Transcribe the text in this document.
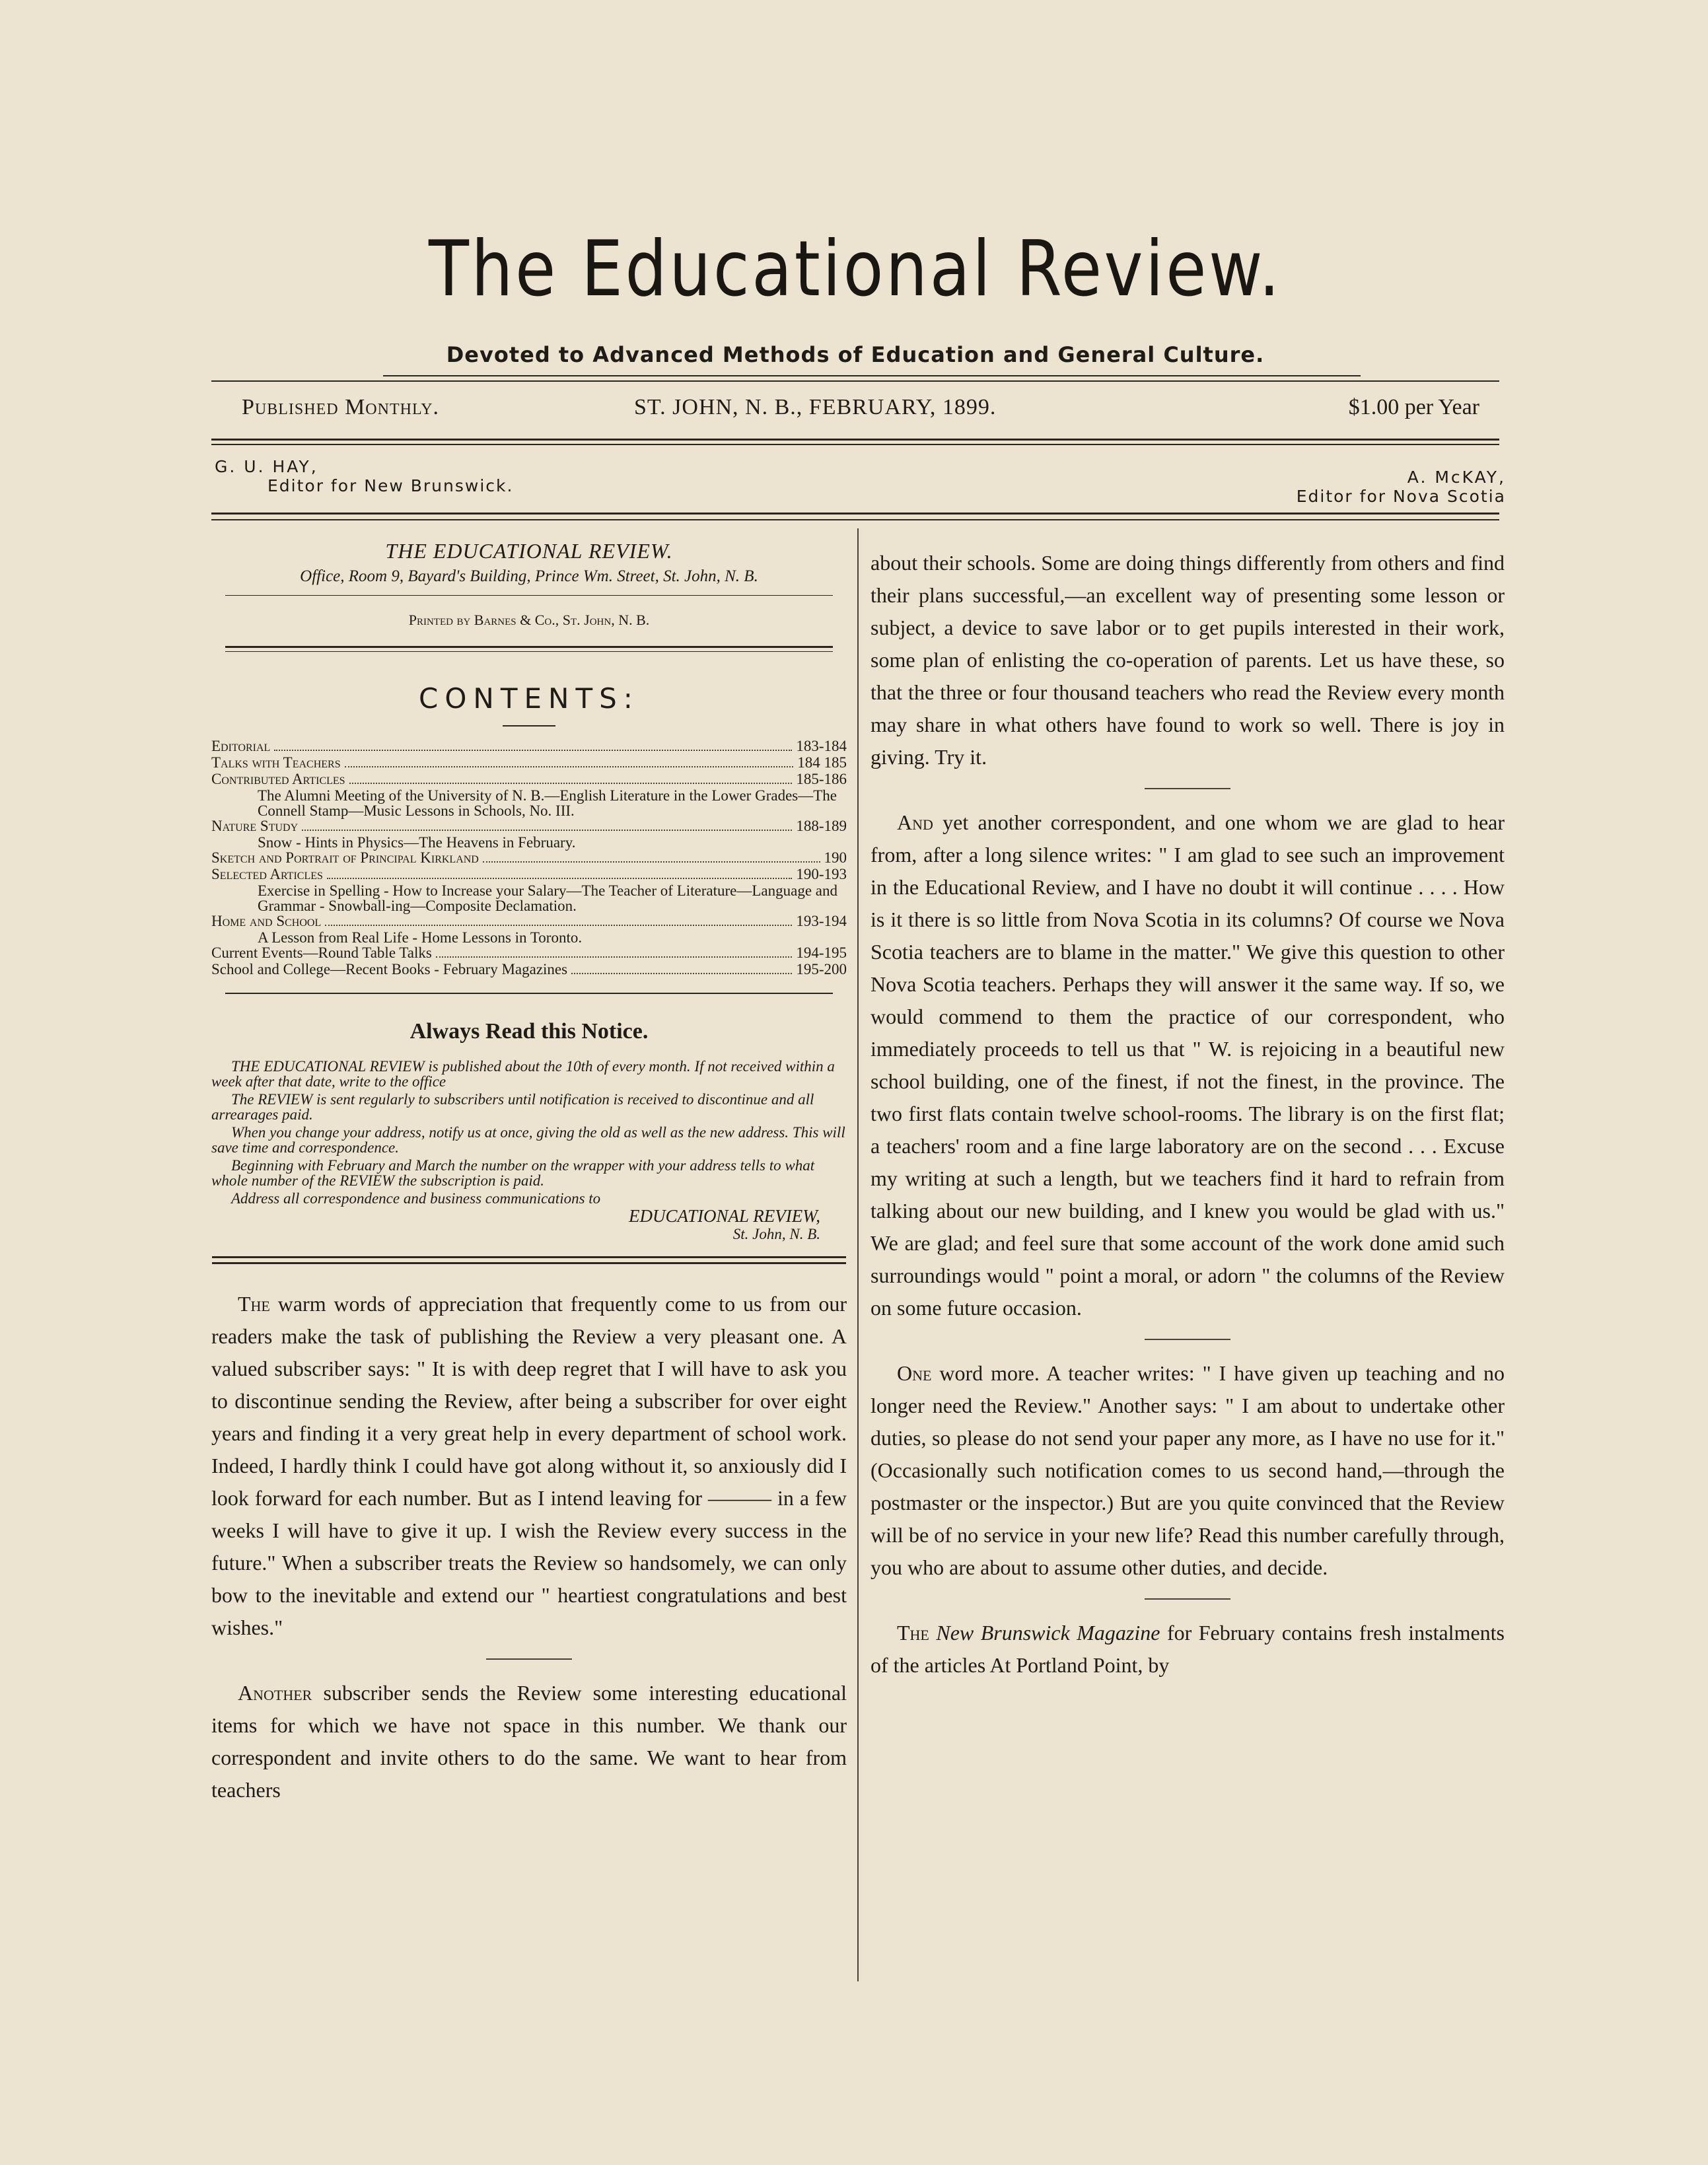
The Educational Review.
Devoted to Advanced Methods of Education and General Culture.
Published Monthly.	ST. JOHN, N. B., FEBRUARY, 1899.	$1.00 per Year
G. U. HAY,
Editor for New Brunswick.	A. McKAY,
Editor for Nova Scotia
THE EDUCATIONAL REVIEW.
Office, Room 9, Bayard's Building, Prince Wm. Street, St. John, N. B.
Printed by Barnes & Co., St. John, N. B.
CONTENTS:
Editorial	183-184
Talks with Teachers	184 185
Contributed Articles	185-186
The Alumni Meeting of the University of N. B.—English Literature in the Lower Grades—The Connell Stamp—Music Lessons in Schools, No. III.
Nature Study	188-189
Snow - Hints in Physics—The Heavens in February.
Sketch and Portrait of Principal Kirkland	190
Selected Articles	190-193
Exercise in Spelling - How to Increase your Salary—The Teacher of Literature—Language and Grammar - Snowball-ing—Composite Declamation.
Home and School	193-194
A Lesson from Real Life - Home Lessons in Toronto.
Current Events—Round Table Talks	194-195
School and College—Recent Books - February Magazines	195-200
Always Read this Notice.

THE EDUCATIONAL REVIEW is published about the 10th of every month. If not received within a week after that date, write to the office

The REVIEW is sent regularly to subscribers until notification is received to discontinue and all arrearages paid.

When you change your address, notify us at once, giving the old as well as the new address. This will save time and correspondence.

Beginning with February and March the number on the wrapper with your address tells to what whole number of the REVIEW the subscription is paid.

Address all correspondence and business communications to

EDUCATIONAL REVIEW,

St. John, N. B.

The warm words of appreciation that frequently come to us from our readers make the task of publishing the Review a very pleasant one. A valued subscriber says: " It is with deep regret that I will have to ask you to discontinue sending the Review, after being a subscriber for over eight years and finding it a very great help in every department of school work. Indeed, I hardly think I could have got along without it, so anxiously did I look forward for each number. But as I intend leaving for ——— in a few weeks I will have to give it up. I wish the Review every success in the future." When a subscriber treats the Review so handsomely, we can only bow to the inevitable and extend our " heartiest congratulations and best wishes."

Another subscriber sends the Review some interesting educational items for which we have not space in this number. We thank our correspondent and invite others to do the same. We want to hear from teachers

about their schools. Some are doing things differently from others and find their plans successful,—an excellent way of presenting some lesson or subject, a device to save labor or to get pupils interested in their work, some plan of enlisting the co-operation of parents. Let us have these, so that the three or four thousand teachers who read the Review every month may share in what others have found to work so well. There is joy in giving. Try it.

And yet another correspondent, and one whom we are glad to hear from, after a long silence writes: " I am glad to see such an improvement in the Educational Review, and I have no doubt it will continue . . . . How is it there is so little from Nova Scotia in its columns? Of course we Nova Scotia teachers are to blame in the matter." We give this question to other Nova Scotia teachers. Perhaps they will answer it the same way. If so, we would commend to them the practice of our correspondent, who immediately proceeds to tell us that " W. is rejoicing in a beautiful new school building, one of the finest, if not the finest, in the province. The two first flats contain twelve school-rooms. The library is on the first flat; a teachers' room and a fine large laboratory are on the second . . . Excuse my writing at such a length, but we teachers find it hard to refrain from talking about our new building, and I knew you would be glad with us." We are glad; and feel sure that some account of the work done amid such surroundings would " point a moral, or adorn " the columns of the Review on some future occasion.

One word more. A teacher writes: " I have given up teaching and no longer need the Review." Another says: " I am about to undertake other duties, so please do not send your paper any more, as I have no use for it." (Occasionally such notification comes to us second hand,—through the postmaster or the inspector.) But are you quite convinced that the Review will be of no service in your new life? Read this number carefully through, you who are about to assume other duties, and decide.

The New Brunswick Magazine for February contains fresh instalments of the articles At Portland Point, by
